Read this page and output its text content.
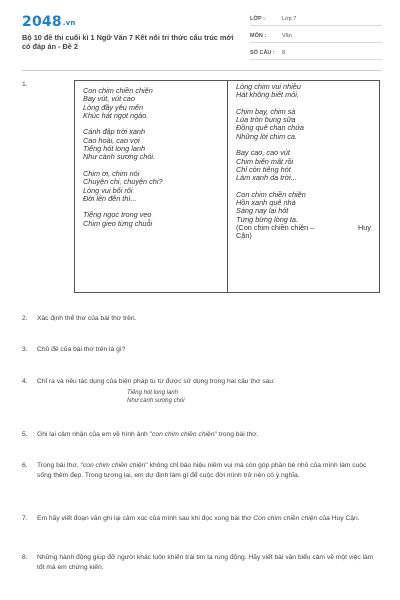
2048.vn
Bộ 10 đề thi cuối kì 1 Ngữ Văn 7 Kết nối tri thức cấu trúc mới có đáp án - Đề 2
LỚP :	Lớp 7
MÔN :	Văn
SỐ CÂU :	8
1.
Con chim chiền chiện
Bay vút, vút cao
Lòng đầy yêu mến
Khúc hát ngọt ngào.
Cánh đập trời xanh
Cao hoài, cao vợi
Tiếng hót long lanh
Như cành sương chói.
Chim ơi, chim nói
Chuyện chi, chuyện chi?
Lòng vui bối rối
Đời lên đến thì...
Tiếng ngọc trong veo
Chim gieo từng chuỗi
Lòng chim vui nhiều
Hát không biết mỏi.
Chim bay, chim sà
Lúa tròn bụng sữa
Đồng quê chan chứa
Những lời chim ca.
Bay cao, cao vút
Chim biến mất rồi
Chỉ còn tiếng hót
Làm xanh da trời...
Con chim chiền chiện
Hồn xanh quê nhà
Sáng nay lại hót
Tưng bừng lòng ta.
(Con chim chiền chiện –	Huy
Cận)
2. Xác định thể thơ của bài thơ trên.
3. Chủ đề của bài thơ trên là gì?
4. Chỉ ra và nêu tác dụng của biện pháp tu từ được sử dụng trong hai câu thơ sau:
Tiếng hót long lanh
Như cành sương chói
5. Ghi lại cảm nhận của em về hình ảnh "con chim chiền chiện" trong bài thơ.
6. Trong bài thơ, "con chim chiền chiện" không chỉ báo hiệu niềm vui mà còn góp phần bé nhỏ của mình làm cuộc sống thêm đẹp. Trong tương lai, em dự định làm gì để cuộc đời mình trở nên có ý nghĩa.
7. Em hãy viết đoạn văn ghi lại cảm xúc của mình sau khi đọc xong bài thơ Con chim chiền chiện của Huy Cận.
8. Những hành động giúp đỡ người khác luôn khiến trái tim ta rung động. Hãy viết bài văn biểu cảm về một việc làm tốt mà em chứng kiến.
